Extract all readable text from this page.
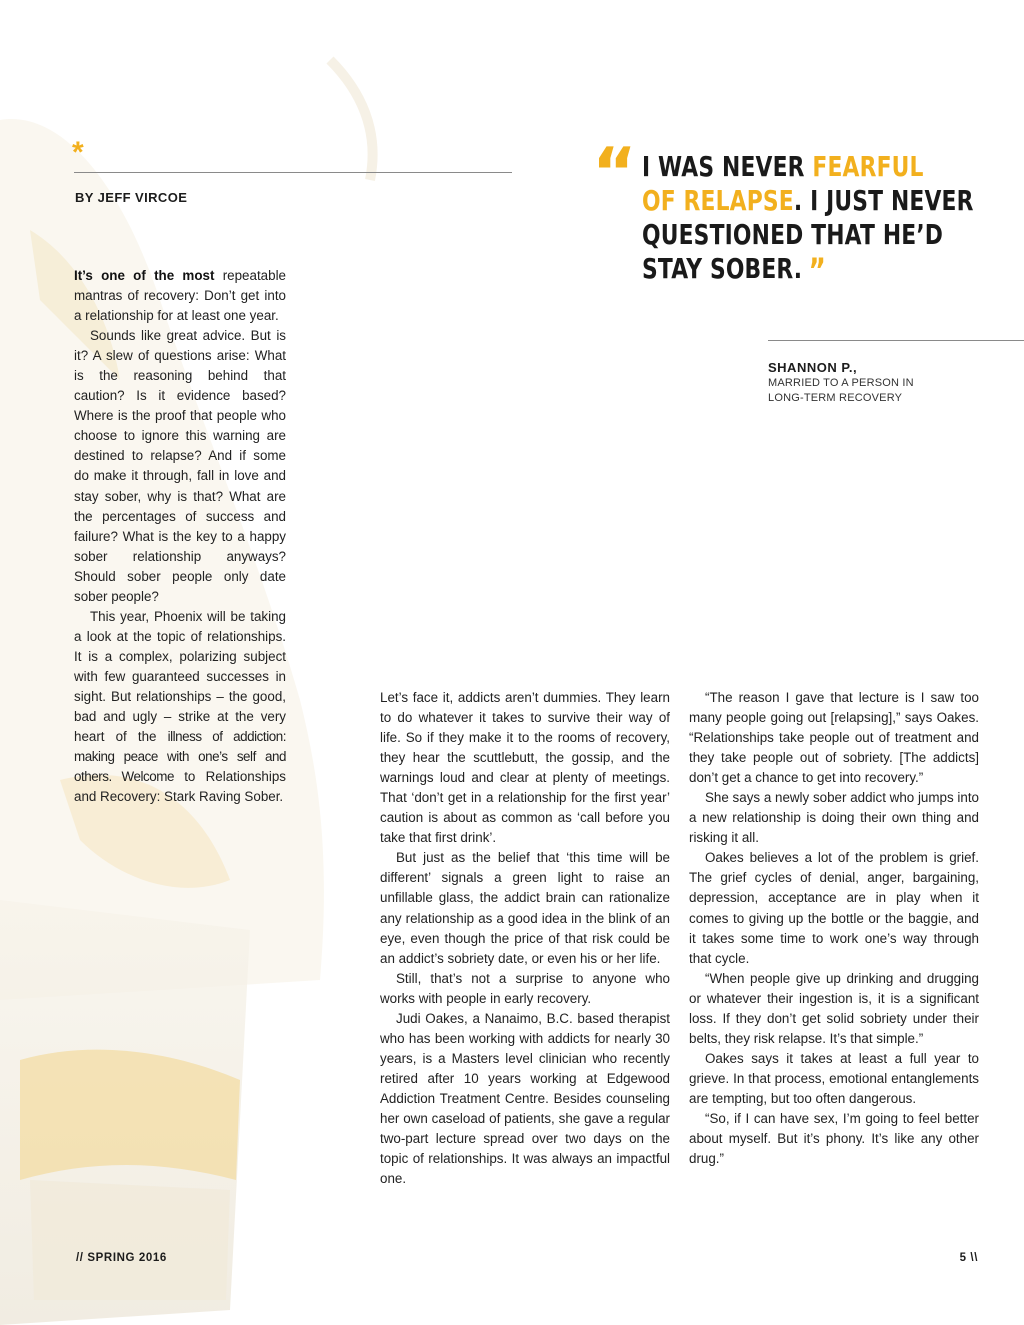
*
BY JEFF VIRCOE

It’s one of the most repeatable mantras of recovery: Don’t get into a relationship for at least one year.

Sounds like great advice. But is it? A slew of questions arise: What is the reasoning behind that caution? Is it evidence based? Where is the proof that people who choose to ignore this warning are destined to relapse? And if some do make it through, fall in love and stay sober, why is that? What are the percentages of success and failure? What is the key to a happy sober relationship anyways? Should sober people only date sober people?

This year, Phoenix will be taking a look at the topic of relationships. It is a complex, polarizing subject with few guaranteed successes in sight. But relationships – the good, bad and ugly – strike at the very heart of the illness of addiction: making peace with one’s self and others. Welcome to Relationships and Recovery: Stark Raving Sober.

“ I WAS NEVER FEARFUL
OF RELAPSE. I JUST NEVER
QUESTIONED THAT HE’D
STAY SOBER. ”
SHANNON P.,
MARRIED TO A PERSON IN
LONG-TERM RECOVERY

Let’s face it, addicts aren’t dummies. They learn to do whatever it takes to survive their way of life. So if they make it to the rooms of recovery, they hear the scuttlebutt, the gossip, and the warnings loud and clear at plenty of meetings. That ‘don’t get in a relationship for the first year’ caution is about as common as ‘call before you take that first drink’.

But just as the belief that ‘this time will be different’ signals a green light to raise an unfillable glass, the addict brain can rationalize any relationship as a good idea in the blink of an eye, even though the price of that risk could be an addict’s sobriety date, or even his or her life.

Still, that’s not a surprise to anyone who works with people in early recovery.

Judi Oakes, a Nanaimo, B.C. based therapist who has been working with addicts for nearly 30 years, is a Masters level clinician who recently retired after 10 years working at Edgewood Addiction Treatment Centre. Besides counseling her own caseload of patients, she gave a regular two-part lecture spread over two days on the topic of relationships. It was always an impactful one.

“The reason I gave that lecture is I saw too many people going out [relapsing],” says Oakes. “Relationships take people out of treatment and they take people out of sobriety. [The addicts] don’t get a chance to get into recovery.”

She says a newly sober addict who jumps into a new relationship is doing their own thing and risking it all.

Oakes believes a lot of the problem is grief. The grief cycles of denial, anger, bargaining, depression, acceptance are in play when it comes to giving up the bottle or the baggie, and it takes some time to work one’s way through that cycle.

“When people give up drinking and drugging or whatever their ingestion is, it is a significant loss. If they don’t get solid sobriety under their belts, they risk relapse. It’s that simple.”

Oakes says it takes at least a full year to grieve. In that process, emotional entanglements are tempting, but too often dangerous.

“So, if I can have sex, I’m going to feel better about myself. But it’s phony. It’s like any other drug.”

// SPRING 2016	5 \\
